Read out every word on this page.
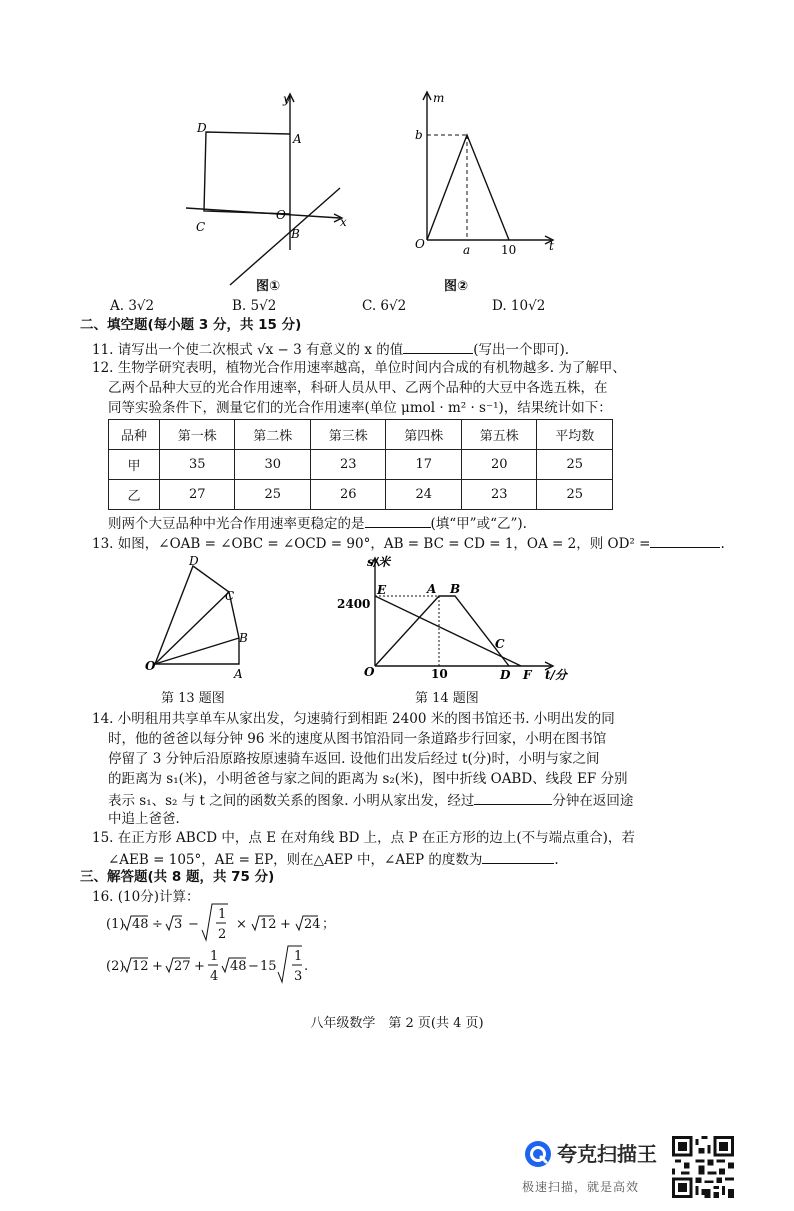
y
x
D
A
C
O
B
图①
m
b
O	a	10	t
图②
A. 3√2	B. 5√2	C. 6√2	D. 10√2
二、填空题(每小题 3 分，共 15 分)
11. 请写出一个使二次根式 √x − 3 有意义的 x 的值	(写出一个即可).
12. 生物学研究表明，植物光合作用速率越高，单位时间内合成的有机物越多. 为了解甲、
乙两个品种大豆的光合作用速率，科研人员从甲、乙两个品种的大豆中各选五株，在
同等实验条件下，测量它们的光合作用速率(单位 μmol · m² · s⁻¹)，结果统计如下：
品种	第一株	第二株	第三株	第四株	第五株	平均数
甲	35	30	23	17	20	25
乙	27	25	26	24	23	25
则两个大豆品种中光合作用速率更稳定的是	(填“甲”或“乙”).
13. 如图，∠OAB = ∠OBC = ∠OCD = 90°，AB = BC = CD = 1，OA = 2，则 OD² =	.
D
C
B
O
A
第 13 题图
s/米
2400
E	A B
C
O	10	D F t/分
第 14 题图
14. 小明租用共享单车从家出发，匀速骑行到相距 2400 米的图书馆还书. 小明出发的同
时，他的爸爸以每分钟 96 米的速度从图书馆沿同一条道路步行回家，小明在图书馆
停留了 3 分钟后沿原路按原速骑车返回. 设他们出发后经过 t(分)时，小明与家之间
的距离为 s₁(米)，小明爸爸与家之间的距离为 s₂(米)，图中折线 OABD、线段 EF 分别
表示 s₁、s₂ 与 t 之间的函数关系的图象. 小明从家出发，经过	分钟在返回途
中追上爸爸.
15. 在正方形 ABCD 中，点 E 在对角线 BD 上，点 P 在正方形的边上(不与端点重合)，若
∠AEB = 105°，AE = EP，则在△AEP 中，∠AEP 的度数为	.
三、解答题(共 8 题，共 75 分)
16. (10分)计算：
(1) 48 ÷ 3 −
1
2
× 12 + 24 ；
(2) 12 + 27 +
1
4
48 − 15
1
3
.
八年级数学　第 2 页(共 4 页)
夸克扫描王
极速扫描，就是高效
